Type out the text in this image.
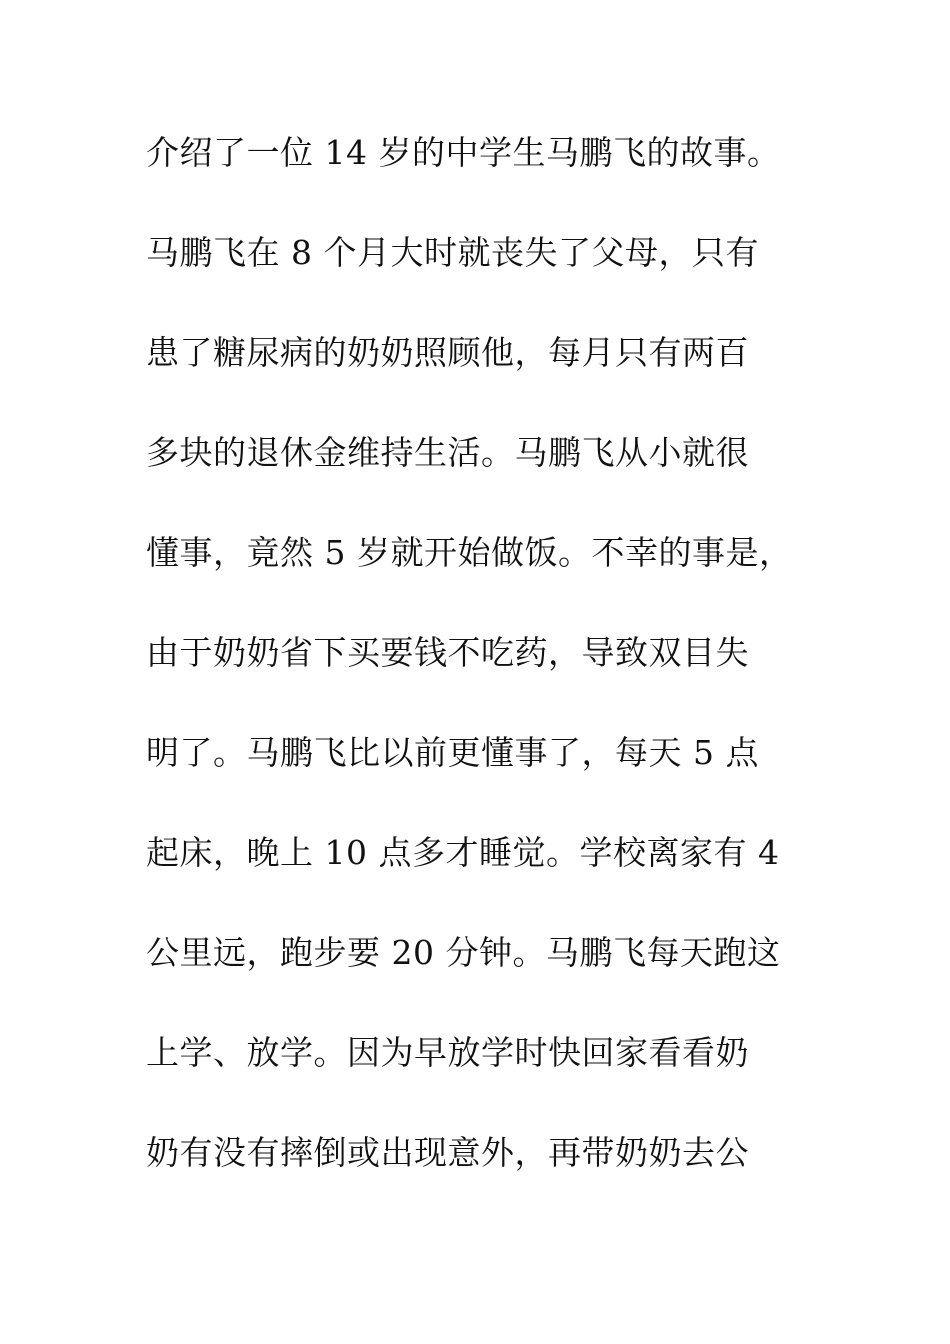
介绍了一位 14 岁的中学生马鹏飞的故事。
马鹏飞在 8 个月大时就丧失了父母，只有
患了糖尿病的奶奶照顾他，每月只有两百
多块的退休金维持生活。马鹏飞从小就很
懂事，竟然 5 岁就开始做饭。不幸的事是，
由于奶奶省下买要钱不吃药，导致双目失
明了。马鹏飞比以前更懂事了，每天 5 点
起床，晚上 10 点多才睡觉。学校离家有 4
公里远，跑步要 20 分钟。马鹏飞每天跑这
上学、放学。因为早放学时快回家看看奶
奶有没有摔倒或出现意外，再带奶奶去公
